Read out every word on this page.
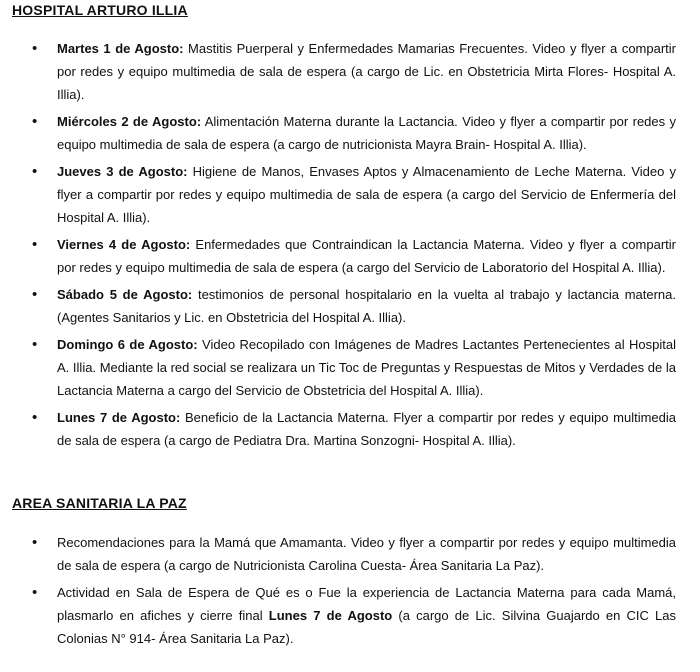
HOSPITAL ARTURO ILLIA
• Martes 1 de Agosto: Mastitis Puerperal y Enfermedades Mamarias Frecuentes. Video y flyer a compartir por redes y equipo multimedia de sala de espera (a cargo de Lic. en Obstetricia Mirta Flores- Hospital A. Illia).
• Miércoles 2 de Agosto: Alimentación Materna durante la Lactancia. Video y flyer a compartir por redes y equipo multimedia de sala de espera (a cargo de nutricionista Mayra Brain- Hospital A. Illia).
• Jueves 3 de Agosto: Higiene de Manos, Envases Aptos y Almacenamiento de Leche Materna. Video y flyer a compartir por redes y equipo multimedia de sala de espera (a cargo del Servicio de Enfermería del Hospital A. Illia).
• Viernes 4 de Agosto: Enfermedades que Contraindican la Lactancia Materna. Video y flyer a compartir por redes y equipo multimedia de sala de espera (a cargo del Servicio de Laboratorio del Hospital A. Illia).
• Sábado 5 de Agosto: testimonios de personal hospitalario en la vuelta al trabajo y lactancia materna. (Agentes Sanitarios y Lic. en Obstetricia del Hospital A. Illia).
• Domingo 6 de Agosto: Video Recopilado con Imágenes de Madres Lactantes Pertenecientes al Hospital A. Illia. Mediante la red social se realizara un Tic Toc de Preguntas y Respuestas de Mitos y Verdades de la Lactancia Materna a cargo del Servicio de Obstetricia del Hospital A. Illia).
• Lunes 7 de Agosto: Beneficio de la Lactancia Materna. Flyer a compartir por redes y equipo multimedia de sala de espera (a cargo de Pediatra Dra. Martina Sonzogni- Hospital A. Illia).
AREA SANITARIA LA PAZ
• Recomendaciones para la Mamá que Amamanta. Video y flyer a compartir por redes y equipo multimedia de sala de espera (a cargo de Nutricionista Carolina Cuesta- Área Sanitaria La Paz).
• Actividad en Sala de Espera de Qué es o Fue la experiencia de Lactancia Materna para cada Mamá, plasmarlo en afiches y cierre final Lunes 7 de Agosto (a cargo de Lic. Silvina Guajardo en CIC Las Colonias N° 914- Área Sanitaria La Paz).
